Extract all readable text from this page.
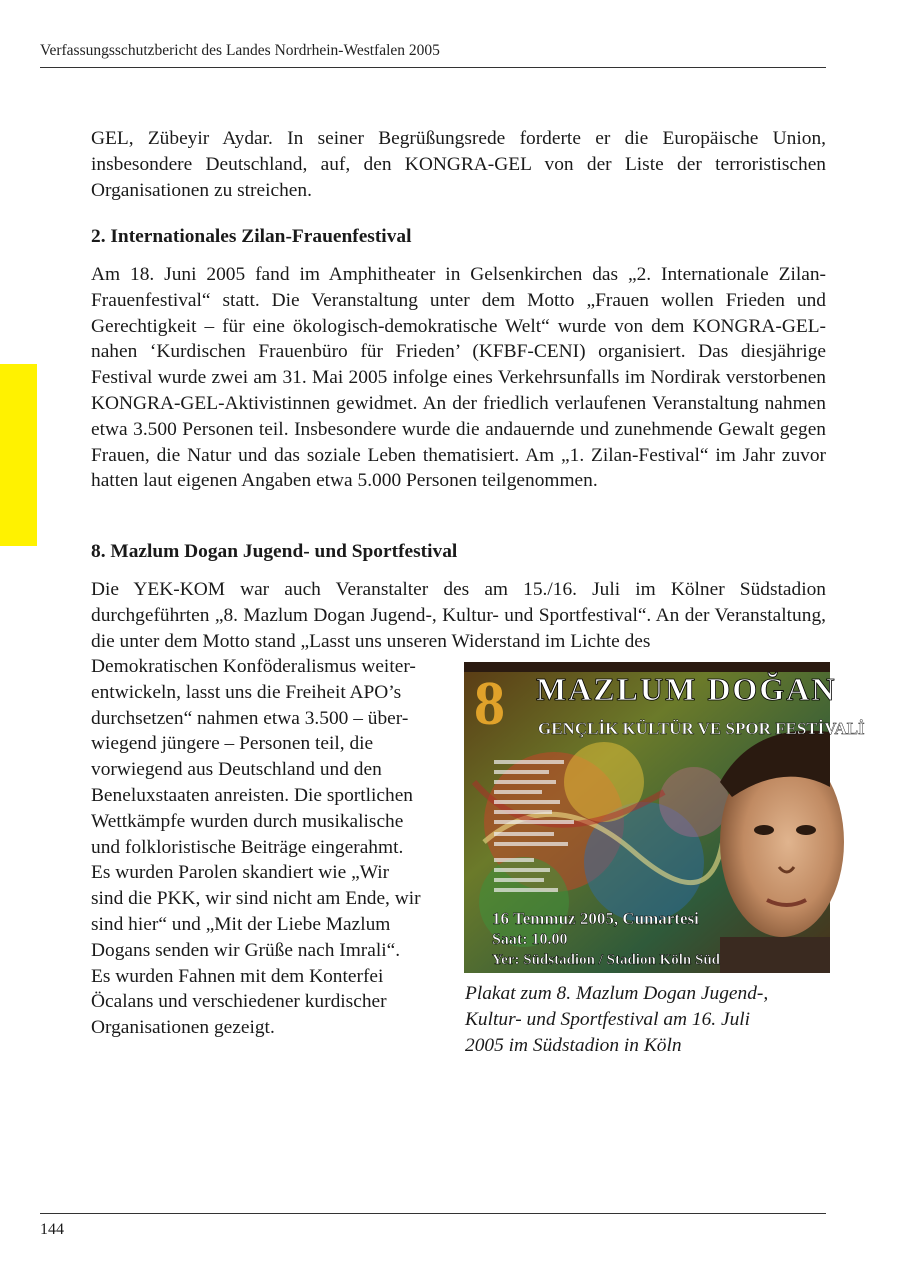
Verfassungsschutzbericht des Landes Nordrhein-Westfalen 2005

GEL, Zübeyir Aydar. In seiner Begrüßungsrede forderte er die Europäische Union, insbesondere Deutschland, auf, den KONGRA-GEL von der Liste der terroristischen Organisationen zu streichen.

2. Internationales Zilan-Frauenfestival

Am 18. Juni 2005 fand im Amphitheater in Gelsenkirchen das „2. Internationale Zilan-Frauenfestival“ statt. Die Veranstaltung unter dem Motto „Frauen wollen Frieden und Gerechtigkeit – für eine ökologisch-demokratische Welt“ wurde von dem KONGRA-GEL- nahen ‘Kurdischen Frauenbüro für Frieden’ (KFBF-CENI) organisiert. Das diesjährige Festival wurde zwei am 31. Mai 2005 infolge eines Verkehrsunfalls im Nordirak verstorbenen KONGRA-GEL-Aktivistinnen gewidmet. An der friedlich verlaufenen Veranstaltung nahmen etwa 3.500 Personen teil. Insbesondere wurde die andauernde und zunehmende Gewalt gegen Frauen, die Natur und das soziale Leben thematisiert. Am „1. Zilan-Festival“ im Jahr zuvor hatten laut eigenen Angaben etwa 5.000 Personen teilgenommen.

8. Mazlum Dogan Jugend- und Sportfestival

Die YEK-KOM war auch Veranstalter des am 15./16. Juli im Kölner Südstadion durchgeführten „8. Mazlum Dogan Jugend-, Kultur- und Sportfestival“. An der Veranstaltung, die unter dem Motto stand „Lasst uns unseren Widerstand im Lichte des

Demokratischen Konföderalismus weiter-
entwickeln, lasst uns die Freiheit APO’s
durchsetzen“ nahmen etwa 3.500 – über-
wiegend jüngere – Personen teil, die
vorwiegend aus Deutschland und den
Beneluxstaaten anreisten. Die sportlichen
Wettkämpfe wurden durch musikalische
und folkloristische Beiträge eingerahmt.
Es wurden Parolen skandiert wie „Wir
sind die PKK, wir sind nicht am Ende, wir
sind hier“ und „Mit der Liebe Mazlum
Dogans senden wir Grüße nach Imrali“.
Es wurden Fahnen mit dem Konterfei
Öcalans und verschiedener kurdischer
Organisationen gezeigt.
8 MAZLUM DOĞAN
GENÇLİK KÜLTÜR VE SPOR FESTİVALİ
16 Temmuz 2005, Cumartesi
Saat: 10.00
Yer: Südstadion / Stadion Köln Süd
Plakat zum 8. Mazlum Dogan Jugend-,
Kultur- und Sportfestival am 16. Juli
2005 im Südstadion in Köln
144
